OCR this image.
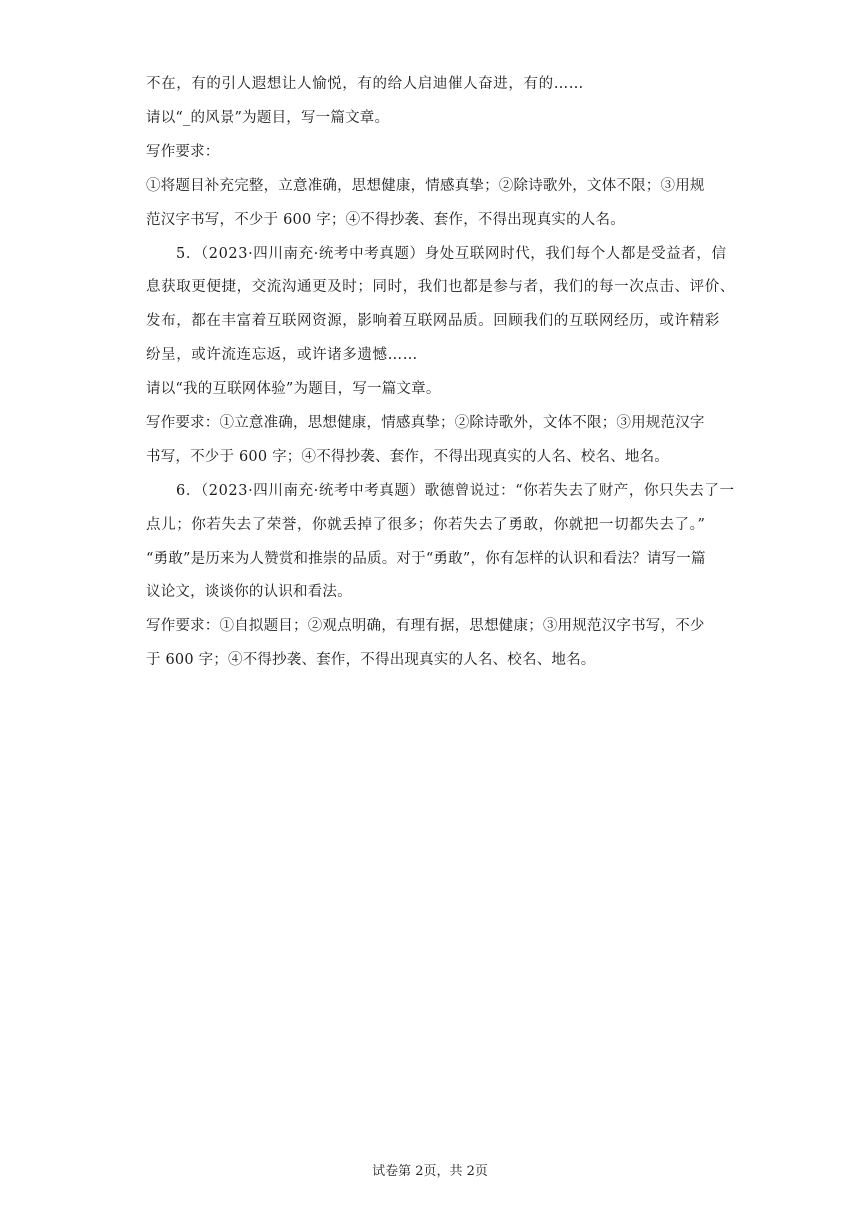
不在，有的引人遐想让人愉悦，有的给人启迪催人奋进，有的……
请以“_的风景”为题目，写一篇文章。
写作要求：
①将题目补充完整，立意准确，思想健康，情感真挚；②除诗歌外，文体不限；③用规
范汉字书写，不少于 600 字；④不得抄袭、套作，不得出现真实的人名。
5．（2023·四川南充·统考中考真题）身处互联网时代，我们每个人都是受益者，信
息获取更便捷，交流沟通更及时；同时，我们也都是参与者，我们的每一次点击、评价、
发布，都在丰富着互联网资源，影响着互联网品质。回顾我们的互联网经历，或许精彩
纷呈，或许流连忘返，或许诸多遗憾……
请以“我的互联网体验”为题目，写一篇文章。
写作要求：①立意准确，思想健康，情感真挚；②除诗歌外，文体不限；③用规范汉字
书写，不少于 600 字；④不得抄袭、套作，不得出现真实的人名、校名、地名。
6．（2023·四川南充·统考中考真题）歌德曾说过：“你若失去了财产，你只失去了一
点儿；你若失去了荣誉，你就丢掉了很多；你若失去了勇敢，你就把一切都失去了。”
“勇敢”是历来为人赞赏和推崇的品质。对于“勇敢”，你有怎样的认识和看法？请写一篇
议论文，谈谈你的认识和看法。
写作要求：①自拟题目；②观点明确，有理有据，思想健康；③用规范汉字书写，不少
于 600 字；④不得抄袭、套作，不得出现真实的人名、校名、地名。
试卷第 2页，共 2页
